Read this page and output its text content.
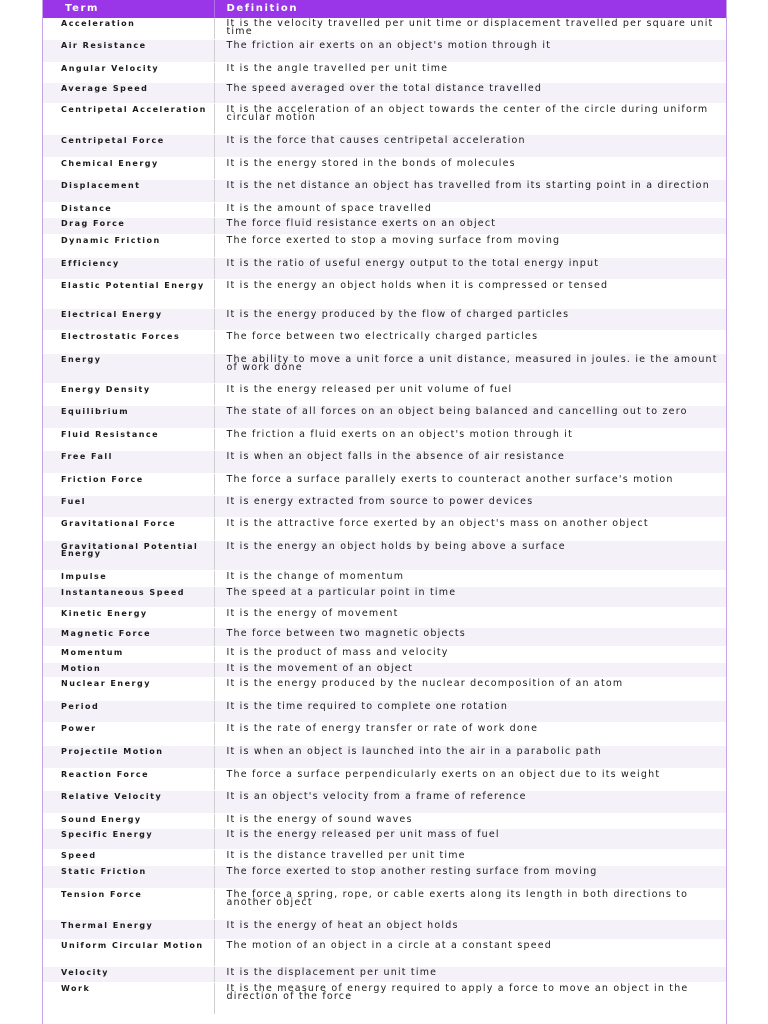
Term	Definition
Acceleration	It is the velocity travelled per unit time or displacement travelled per square unit time
Air Resistance	The friction air exerts on an object's motion through it
Angular Velocity	It is the angle travelled per unit time
Average Speed	The speed averaged over the total distance travelled
Centripetal Acceleration	It is the acceleration of an object towards the center of the circle during uniform circular motion
Centripetal Force	It is the force that causes centripetal acceleration
Chemical Energy	It is the energy stored in the bonds of molecules
Displacement	It is the net distance an object has travelled from its starting point in a direction
Distance	It is the amount of space travelled
Drag Force	The force fluid resistance exerts on an object
Dynamic Friction	The force exerted to stop a moving surface from moving
Efficiency	It is the ratio of useful energy output to the total energy input
Elastic Potential Energy	It is the energy an object holds when it is compressed or tensed
Electrical Energy	It is the energy produced by the flow of charged particles
Electrostatic Forces	The force between two electrically charged particles
Energy	The ability to move a unit force a unit distance, measured in joules. ie the amount of work done
Energy Density	It is the energy released per unit volume of fuel
Equilibrium	The state of all forces on an object being balanced and cancelling out to zero
Fluid Resistance	The friction a fluid exerts on an object's motion through it
Free Fall	It is when an object falls in the absence of air resistance
Friction Force	The force a surface parallely exerts to counteract another surface's motion
Fuel	It is energy extracted from source to power devices
Gravitational Force	It is the attractive force exerted by an object's mass on another object
Gravitational Potential Energy	It is the energy an object holds by being above a surface
Impulse	It is the change of momentum
Instantaneous Speed	The speed at a particular point in time
Kinetic Energy	It is the energy of movement
Magnetic Force	The force between two magnetic objects
Momentum	It is the product of mass and velocity
Motion	It is the movement of an object
Nuclear Energy	It is the energy produced by the nuclear decomposition of an atom
Period	It is the time required to complete one rotation
Power	It is the rate of energy transfer or rate of work done
Projectile Motion	It is when an object is launched into the air in a parabolic path
Reaction Force	The force a surface perpendicularly exerts on an object due to its weight
Relative Velocity	It is an object's velocity from a frame of reference
Sound Energy	It is the energy of sound waves
Specific Energy	It is the energy released per unit mass of fuel
Speed	It is the distance travelled per unit time
Static Friction	The force exerted to stop another resting surface from moving
Tension Force	The force a spring, rope, or cable exerts along its length in both directions to another object
Thermal Energy	It is the energy of heat an object holds
Uniform Circular Motion	The motion of an object in a circle at a constant speed
Velocity	It is the displacement per unit time
Work	It is the measure of energy required to apply a force to move an object in the direction of the force
